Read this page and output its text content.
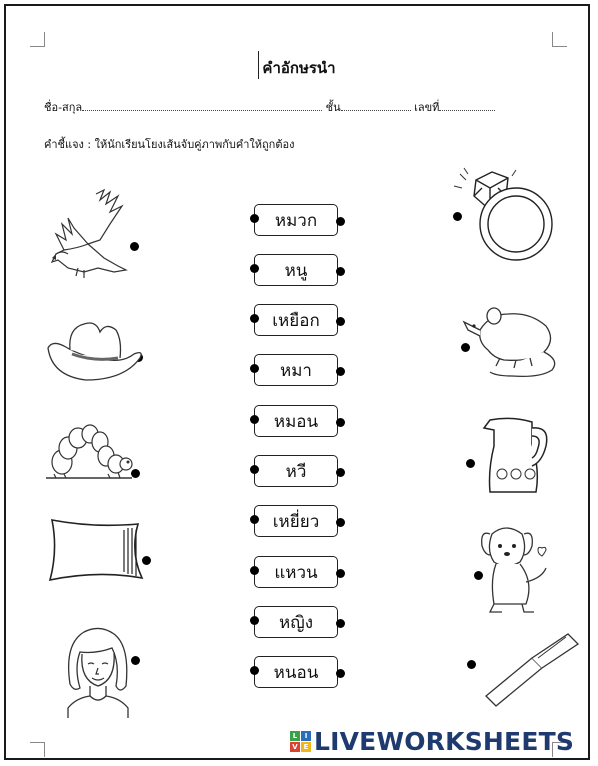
คำอักษรนำ
ชื่อ-สกุล	ชั้น	เลขที่
คำชี้แจง : ให้นักเรียนโยงเส้นจับคู่ภาพกับคำให้ถูกต้อง
หมวก
หนู
เหยือก
หมา
หมอน
หวี
เหยี่ยว
แหวน
หญิง
หนอน
L	I
V E LIVEWORKSHEETS
